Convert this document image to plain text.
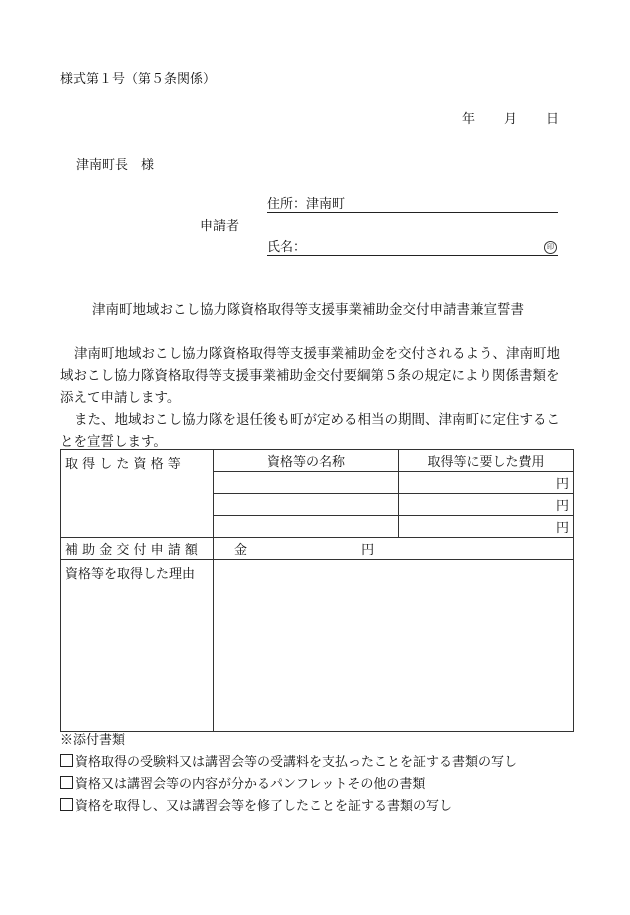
様式第１号（第５条関係）
年 月 日
津南町長　様
住所：津南町
申請者
氏名：	印
津南町地域おこし協力隊資格取得等支援事業補助金交付申請書兼宣誓書
津南町地域おこし協力隊資格取得等支援事業補助金を交付されるよう、津南町地
域おこし協力隊資格取得等支援事業補助金交付要綱第５条の規定により関係書類を
添えて申請します。
また、地域おこし協力隊を退任後も町が定める相当の期間、津南町に定住するこ
とを宣誓します。
取 得 し た 資 格 等	資格等の名称	取得等に要した費用
		円
		円
		円
補 助 金 交 付 申 請 額	金 円	
資格等を取得した理由		
※添付書類
資格取得の受験料又は講習会等の受講料を支払ったことを証する書類の写し
資格又は講習会等の内容が分かるパンフレットその他の書類
資格を取得し、又は講習会等を修了したことを証する書類の写し
